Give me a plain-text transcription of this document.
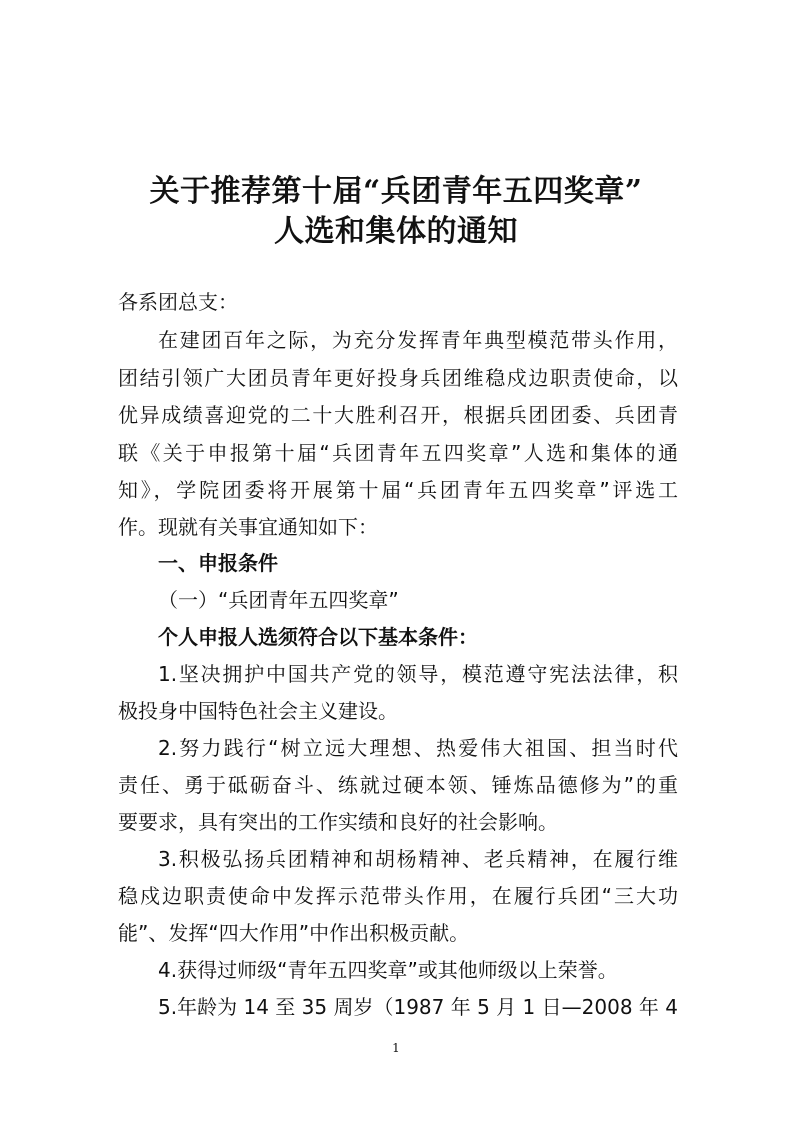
关于推荐第十届“兵团青年五四奖章”
人选和集体的通知
各系团总支：
在建团百年之际，为充分发挥青年典型模范带头作用，
团结引领广大团员青年更好投身兵团维稳戍边职责使命，以
优异成绩喜迎党的二十大胜利召开，根据兵团团委、兵团青
联《关于申报第十届“兵团青年五四奖章”人选和集体的通
知》，学院团委将开展第十届“兵团青年五四奖章”评选工
作。现就有关事宜通知如下：
一、申报条件
（一）“兵团青年五四奖章”
个人申报人选须符合以下基本条件：
1.坚决拥护中国共产党的领导，模范遵守宪法法律，积
极投身中国特色社会主义建设。
2.努力践行“树立远大理想、热爱伟大祖国、担当时代
责任、勇于砥砺奋斗、练就过硬本领、锤炼品德修为”的重
要要求，具有突出的工作实绩和良好的社会影响。
3.积极弘扬兵团精神和胡杨精神、老兵精神，在履行维
稳戍边职责使命中发挥示范带头作用，在履行兵团“三大功
能”、发挥“四大作用”中作出积极贡献。
4.获得过师级“青年五四奖章”或其他师级以上荣誉。
5.年龄为 14 至 35 周岁（1987 年 5 月 1 日—2008 年 4
1
